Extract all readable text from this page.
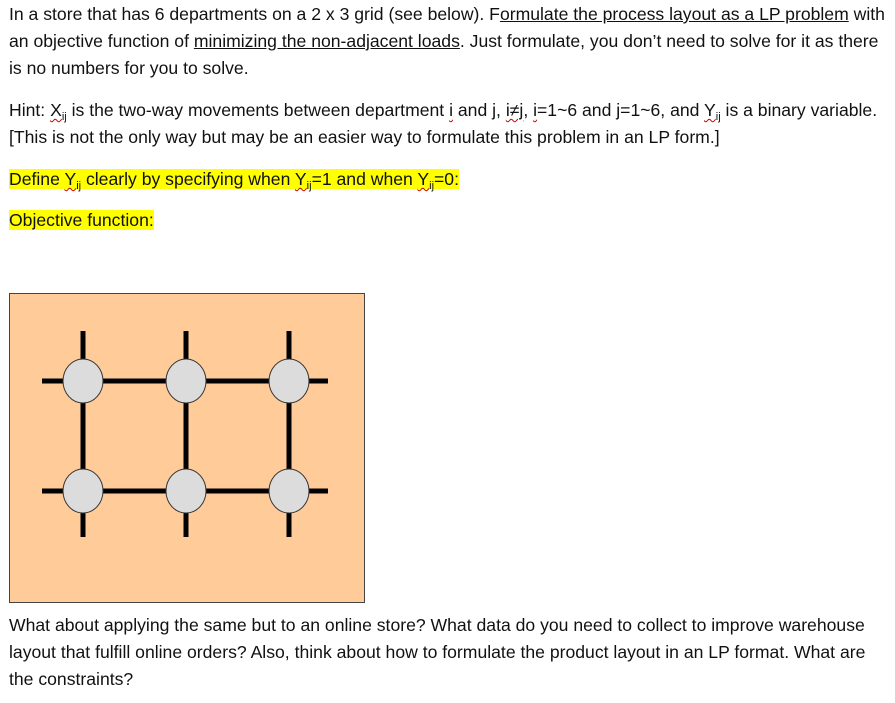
In a store that has 6 departments on a 2 x 3 grid (see below). Formulate the process layout as a LP problem with an objective function of minimizing the non-adjacent loads. Just formulate, you don’t need to solve for it as there is no numbers for you to solve.

Hint: $X_{ij}$ is the two-way movements between department i and j, i≠j, i=1~6 and j=1~6, and $Y_{ij}$ is a binary variable. [This is not the only way but may be an easier way to formulate this problem in an LP form.]

Define $Y_{ij}$ clearly by specifying when $Y_{ij}=1$ and when $Y_{ij}=0$:

Objective function:

What about applying the same but to an online store? What data do you need to collect to improve warehouse layout that fulfill online orders? Also, think about how to formulate the product layout in an LP format. What are the constraints?
